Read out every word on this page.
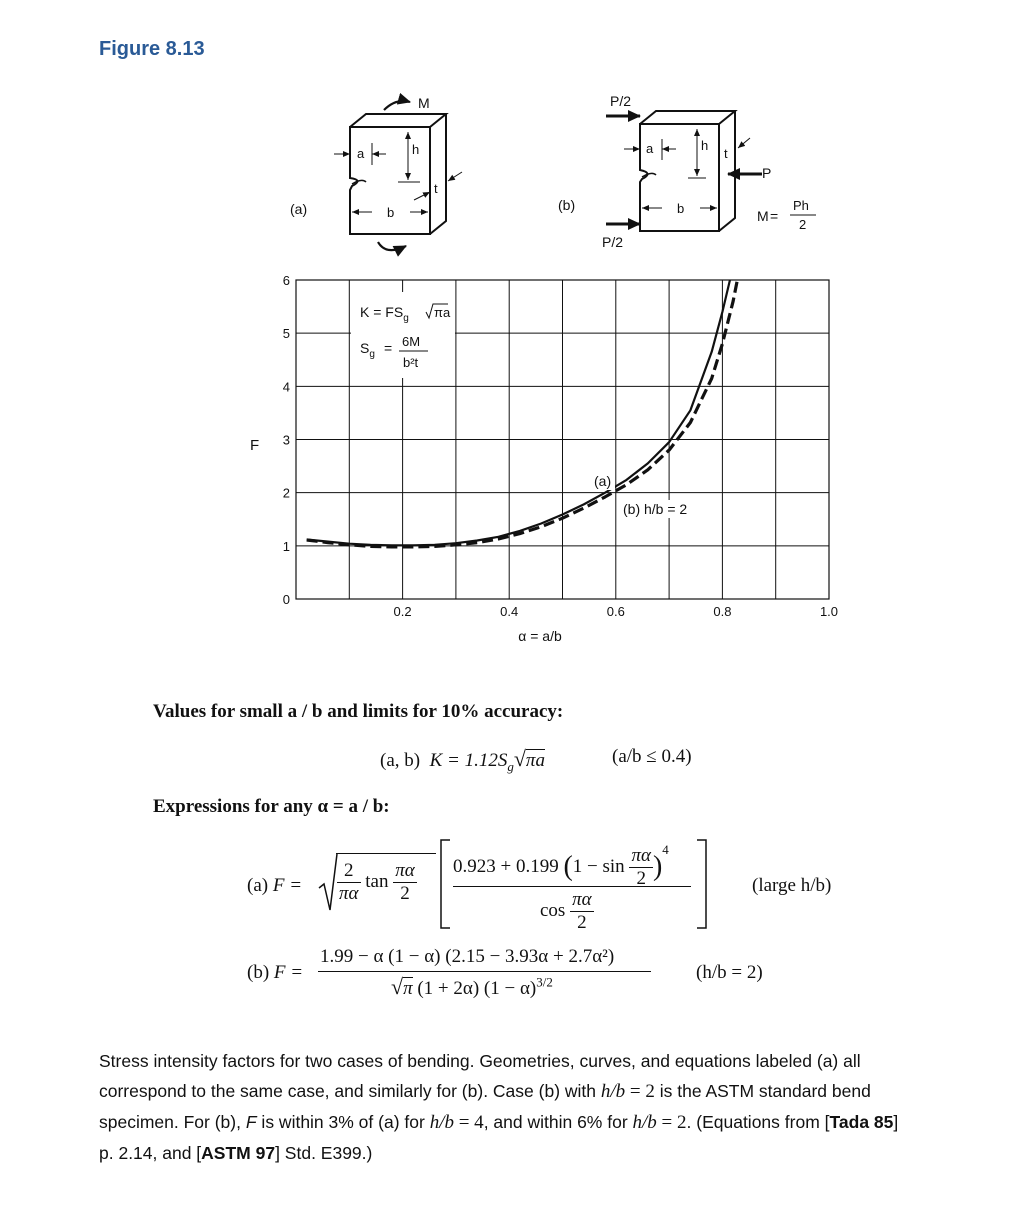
Figure 8.13
(a)
M
a	h
t
b	(b)
P/2
P/2
P
a	h
t
b	M =
Ph
2
0
1
2
3
4
5
6
0.2	0.4	0.6	0.8	1.0
$K = FS_g$ πa
$S_g = 6M$
b²t
(a)
(b) h/b = 2
F
α = a/b
Values for small a / b and limits for 10% accuracy:
(a, b) $K = 1.12S_g√\pi a$	(a/b ≤ 0.4)
Expressions for any α = a / b:
(a) $F = \frac{2}{\pi\alpha}$ $\tan \frac{\pi\alpha}{2} 0.923 + 0.199$ $(1 - \sin \frac{\pi\alpha}{2} )^4$
$\cos \frac{\pi\alpha}{2}$
(large h/b)
(b) F =
1.99 − α (1 − α) (2.15 − 3.93α + 2.7α²)
√π (1 + 2α) $(1 - \alpha)^{3/2}$	(h/b = 2)
Stress intensity factors for two cases of bending. Geometries, curves, and equations labeled (a) all correspond to the same case, and similarly for (b). Case (b) with h/b = 2 is the ASTM standard bend specimen. For (b), F is within 3% of (a) for h/b = 4, and within 6% for h/b = 2. (Equations from [Tada 85] p. 2.14, and [ASTM 97] Std. E399.)
